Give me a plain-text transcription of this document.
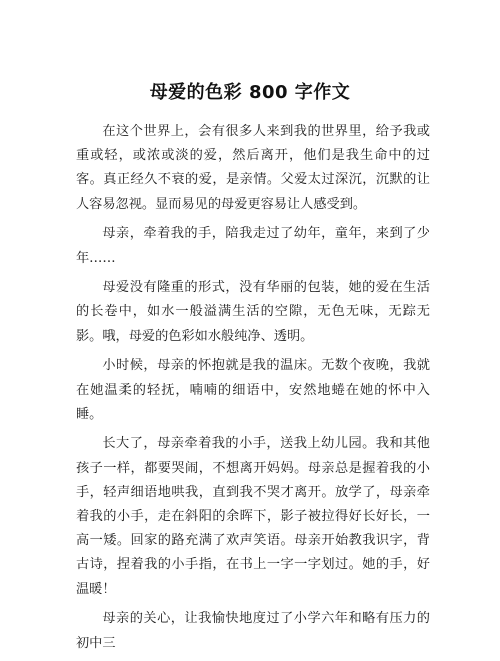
母爱的色彩 800 字作文

在这个世界上，会有很多人来到我的世界里，给予我或重或轻，或浓或淡的爱，然后离开，他们是我生命中的过客。真正经久不衰的爱，是亲情。父爱太过深沉，沉默的让人容易忽视。显而易见的母爱更容易让人感受到。

母亲，牵着我的手，陪我走过了幼年，童年，来到了少年……

母爱没有隆重的形式，没有华丽的包装，她的爱在生活的长卷中，如水一般溢满生活的空隙，无色无味，无踪无影。哦，母爱的色彩如水般纯净、透明。

小时候，母亲的怀抱就是我的温床。无数个夜晚，我就在她温柔的轻抚，喃喃的细语中，安然地蜷在她的怀中入睡。

长大了，母亲牵着我的小手，送我上幼儿园。我和其他孩子一样，都要哭闹，不想离开妈妈。母亲总是握着我的小手，轻声细语地哄我，直到我不哭才离开。放学了，母亲牵着我的小手，走在斜阳的余晖下，影子被拉得好长好长，一高一矮。回家的路充满了欢声笑语。母亲开始教我识字，背古诗，捏着我的小手指，在书上一字一字划过。她的手，好温暖！

母亲的关心，让我愉快地度过了小学六年和略有压力的初中三
